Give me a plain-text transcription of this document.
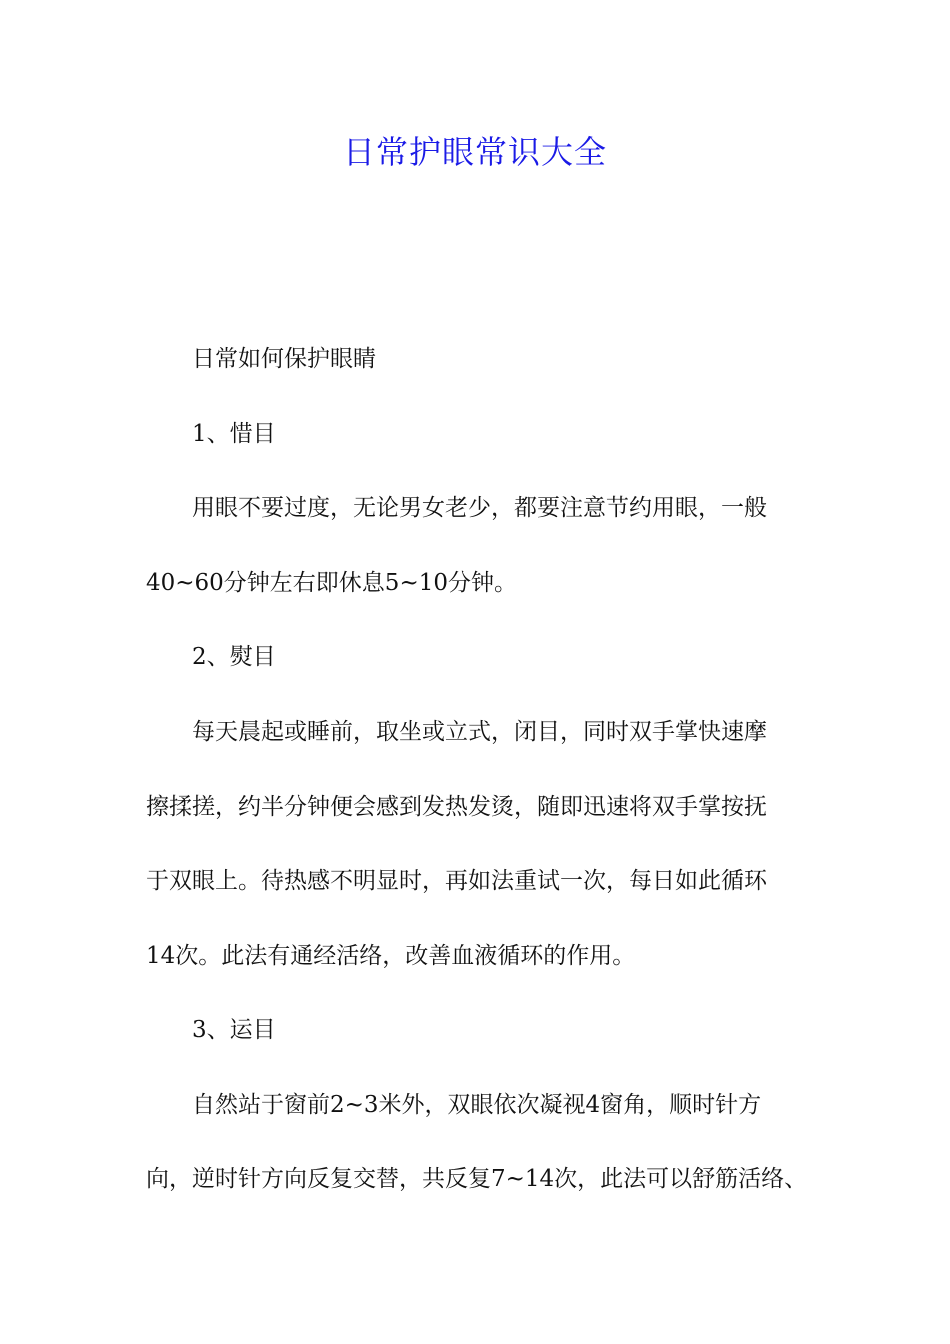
日常护眼常识大全

日常如何保护眼睛

1、惜目

用眼不要过度，无论男女老少，都要注意节约用眼，一般

40~60分钟左右即休息5~10分钟。

2、熨目

每天晨起或睡前，取坐或立式，闭目，同时双手掌快速摩

擦揉搓，约半分钟便会感到发热发烫，随即迅速将双手掌按抚

于双眼上。待热感不明显时，再如法重试一次，每日如此循环

14次。此法有通经活络，改善血液循环的作用。

3、运目

自然站于窗前2~3米外，双眼依次凝视4窗角，顺时针方

向，逆时针方向反复交替，共反复7~14次，此法可以舒筋活络、
